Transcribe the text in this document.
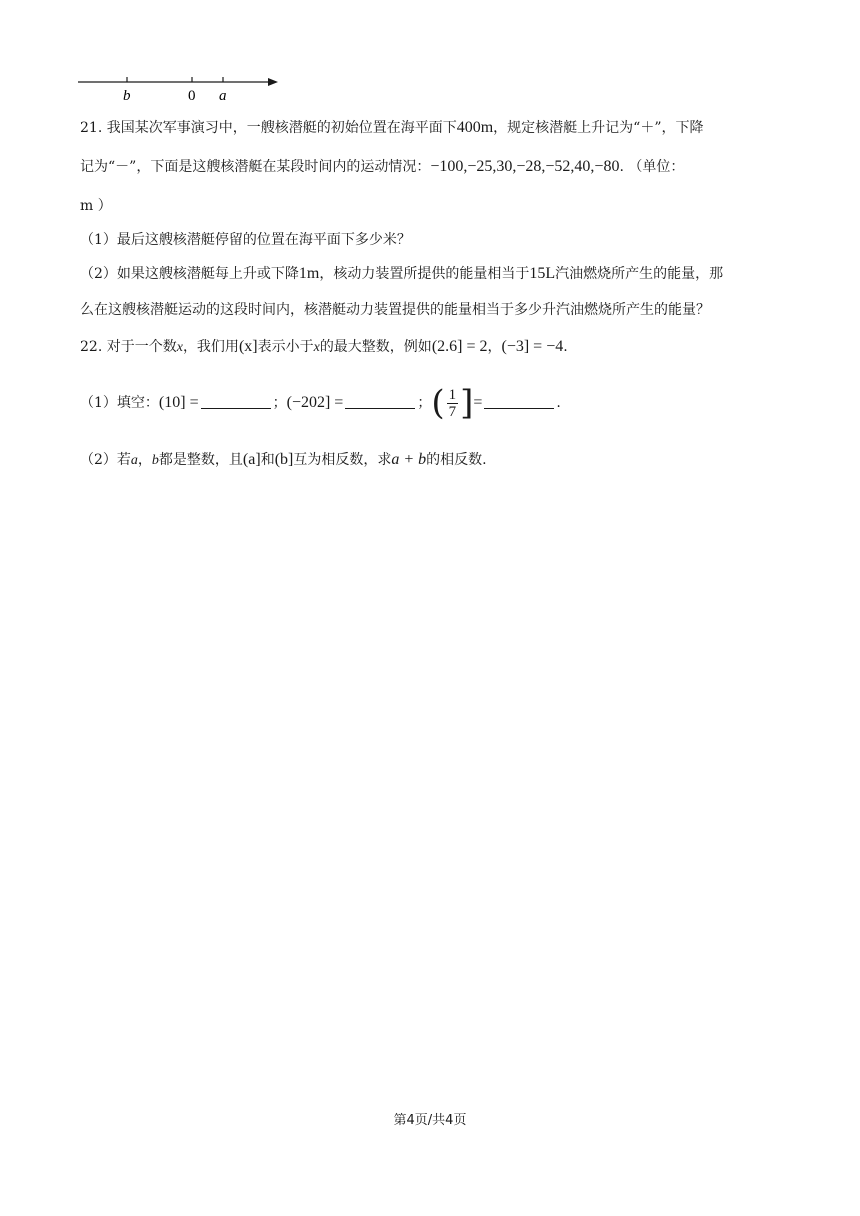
b	0 a
21. 我国某次军事演习中，一艘核潜艇的初始位置在海平面下400m，规定核潜艇上升记为“＋”，下降
记为“－”，下面是这艘核潜艇在某段时间内的运动情况：−100,−25,30,−28,−52,40,−80. （单位：
m ）
（1）最后这艘核潜艇停留的位置在海平面下多少米？
（2）如果这艘核潜艇每上升或下降1m，核动力装置所提供的能量相当于15L汽油燃烧所产生的能量，那
么在这艘核潜艇运动的这段时间内，核潜艇动力装置提供的能量相当于多少升汽油燃烧所产生的能量？
22. 对于一个数x，我们用(x]表示小于x的最大整数，例如(2.6] = 2，(−3] = −4.
（1）填空：(10] =	；(−202] =	；( $\frac{1}{7}$ ]=	.
（2）若a，b都是整数，且(a]和(b]互为相反数，求a + b的相反数.
第4页/共4页
